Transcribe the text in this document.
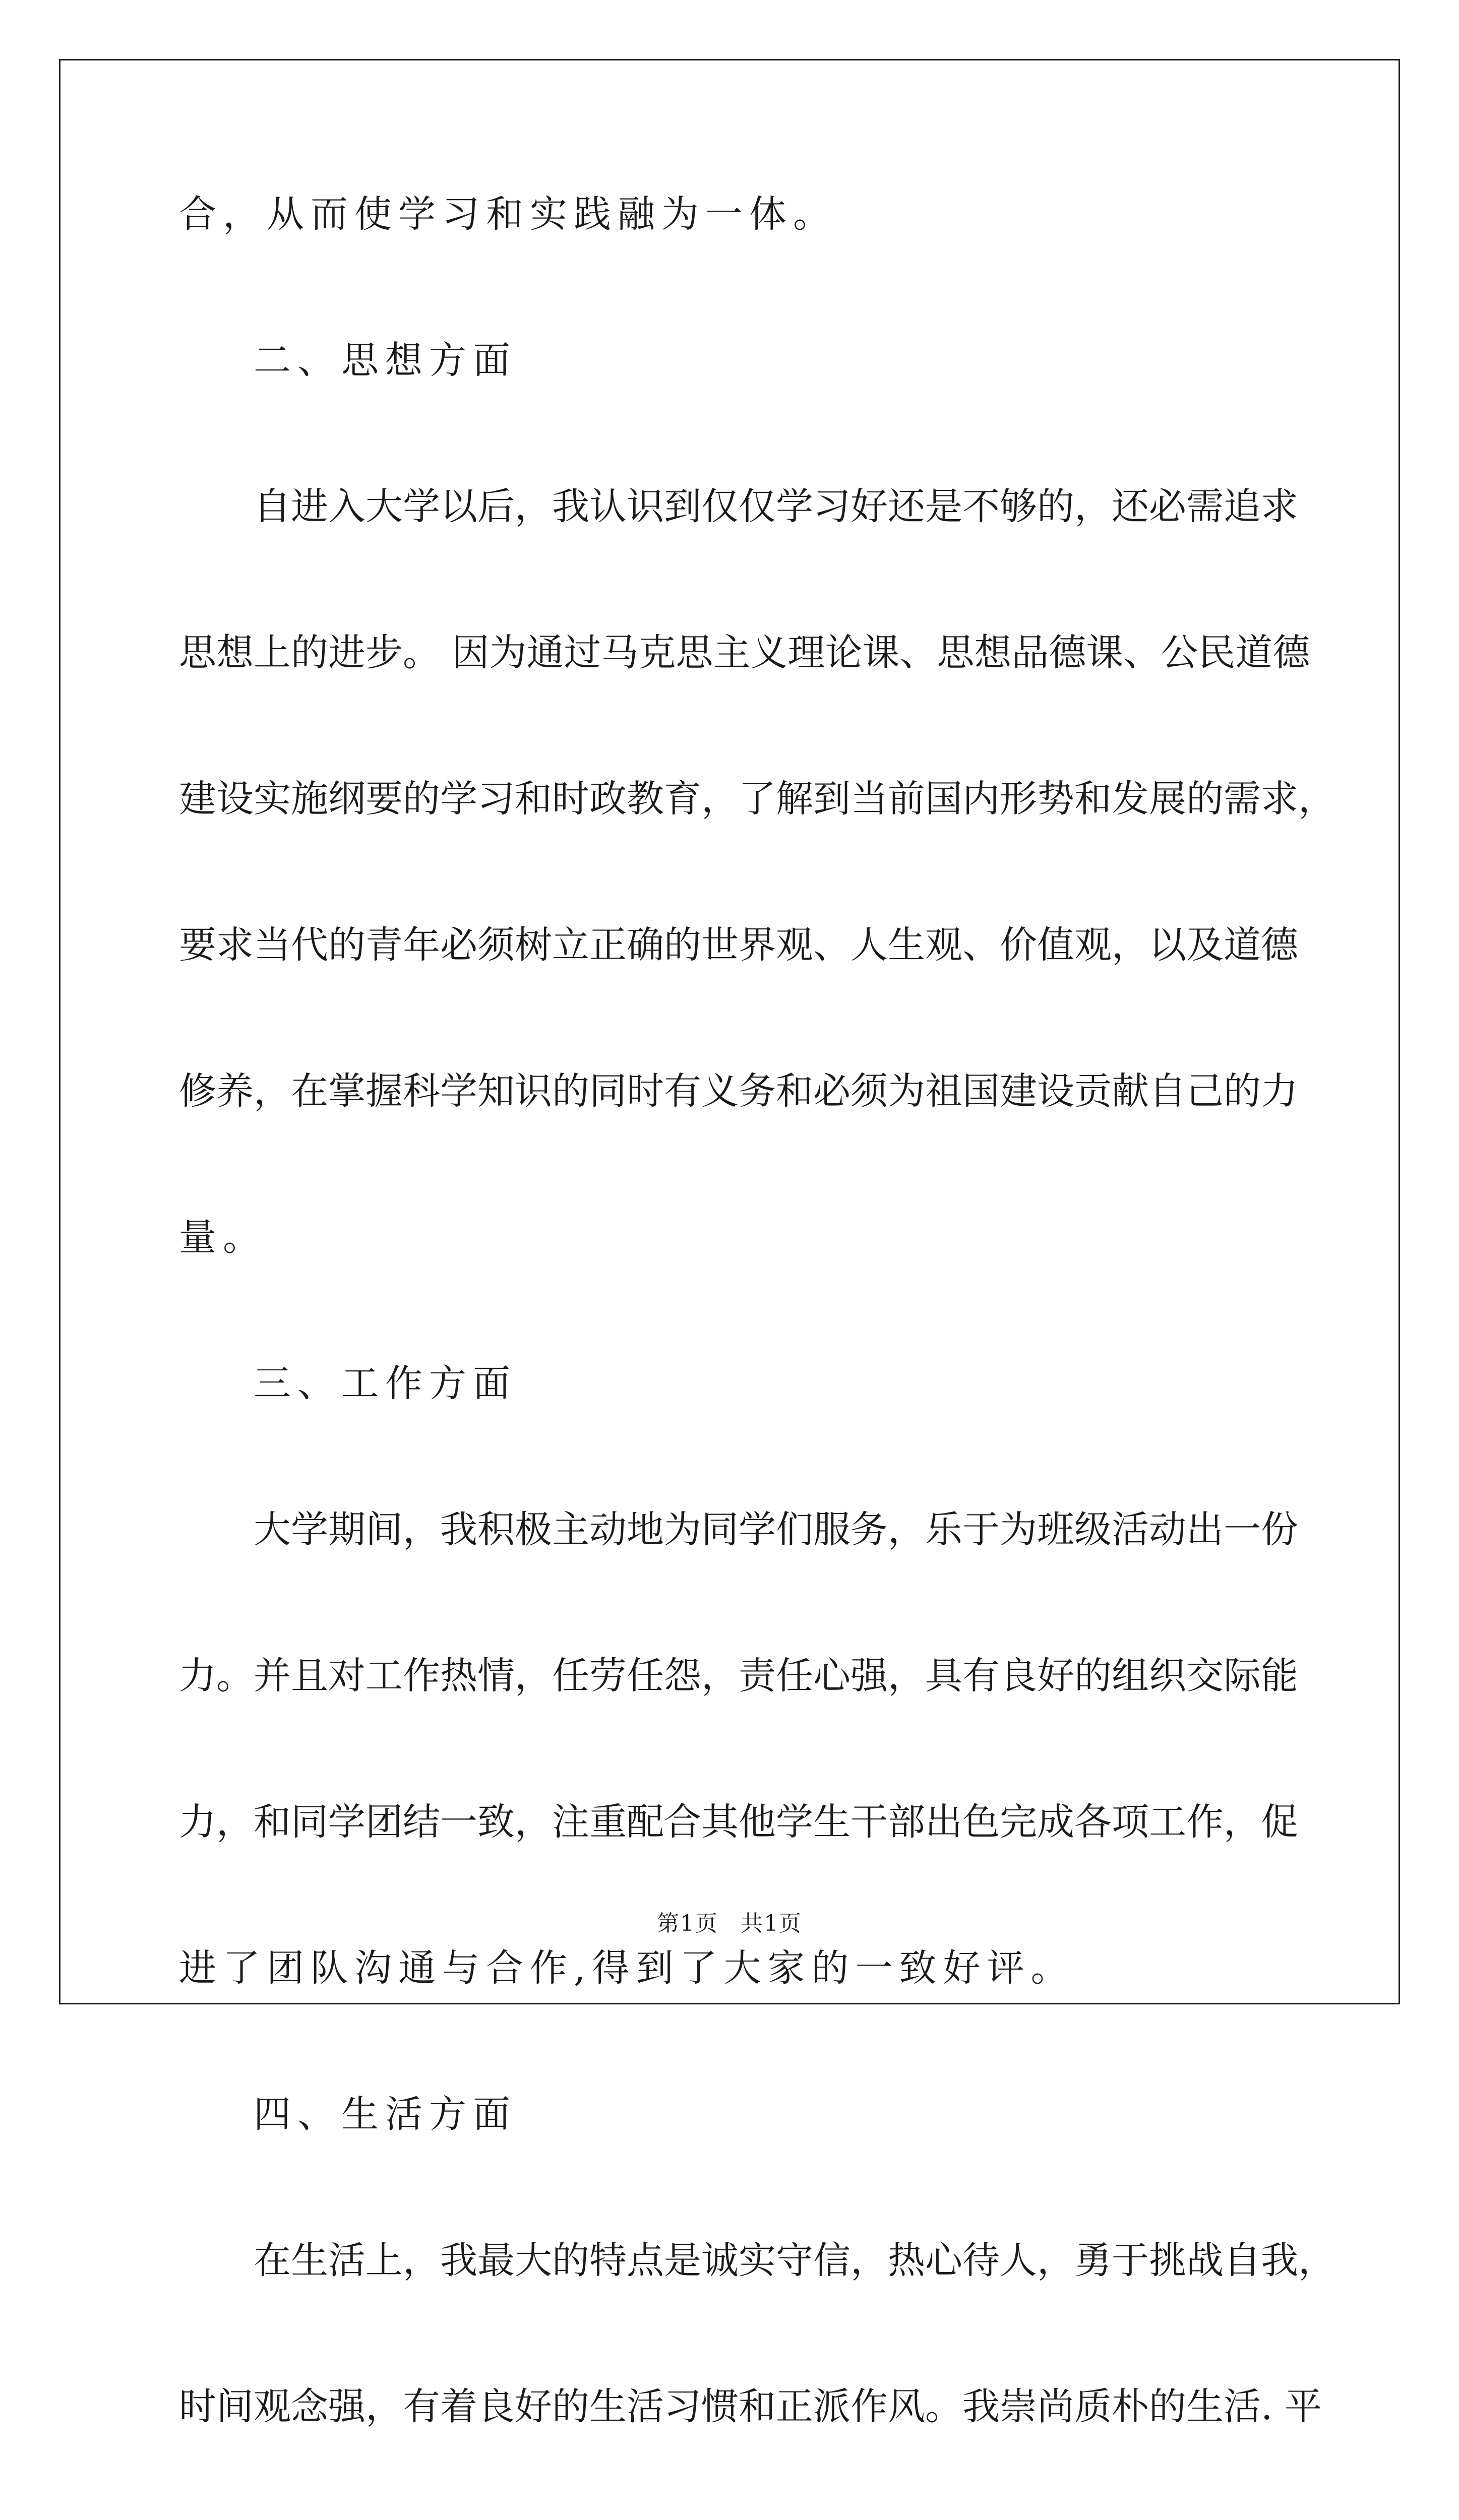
合，从而使学习和实践融为一体。
二、思想方面
自进入大学以后，我认识到仅仅学习好还是不够的，还必需追求
思想上的进步。 因为通过马克思主义理论课、思想品德课、公民道德
建设实施纲要的学习和时政教育，了解到当前国内形势和发展的需求，
要求当代的青年必须树立正确的世界观、人生观、价值观，以及道德
修养，在掌握科学知识的同时有义务和必须为祖国建设贡献自己的力
量。
三、工作方面
大学期间，我积极主动地为同学们服务，乐于为班级活动出一份
力。并且对工作热情，任劳任怨，责任心强，具有良好的组织交际能
力，和同学团结一致，注重配合其他学生干部出色完成各项工作，促
进了团队沟通与合作,得到了大家的一致好评。
四、生活方面
在生活上，我最大的特点是诚实守信，热心待人，勇于挑战自我，
时间观念强，有着良好的生活习惯和正派作风。我崇尚质朴的生活. 平
第1页 共1页
